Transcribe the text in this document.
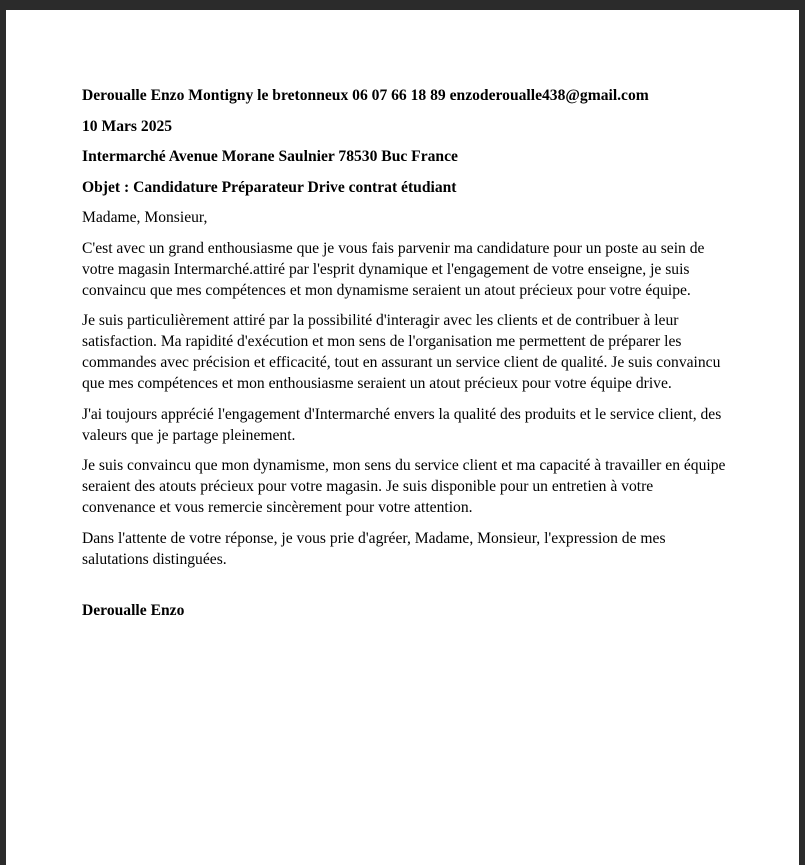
Deroualle Enzo Montigny le bretonneux 06 07 66 18 89 enzoderoualle438@gmail.com

10 Mars 2025

Intermarché Avenue Morane Saulnier 78530 Buc France

Objet : Candidature Préparateur Drive contrat étudiant

Madame, Monsieur,

C'est avec un grand enthousiasme que je vous fais parvenir ma candidature pour un poste au sein de votre magasin Intermarché.attiré par l'esprit dynamique et l'engagement de votre enseigne, je suis convaincu que mes compétences et mon dynamisme seraient un atout précieux pour votre équipe.

Je suis particulièrement attiré par la possibilité d'interagir avec les clients et de contribuer à leur satisfaction. Ma rapidité d'exécution et mon sens de l'organisation me permettent de préparer les commandes avec précision et efficacité, tout en assurant un service client de qualité. Je suis convaincu que mes compétences et mon enthousiasme seraient un atout précieux pour votre équipe drive.

J'ai toujours apprécié l'engagement d'Intermarché envers la qualité des produits et le service client, des valeurs que je partage pleinement.

Je suis convaincu que mon dynamisme, mon sens du service client et ma capacité à travailler en équipe seraient des atouts précieux pour votre magasin. Je suis disponible pour un entretien à votre convenance et vous remercie sincèrement pour votre attention.

Dans l'attente de votre réponse, je vous prie d'agréer, Madame, Monsieur, l'expression de mes salutations distinguées.

Deroualle Enzo
